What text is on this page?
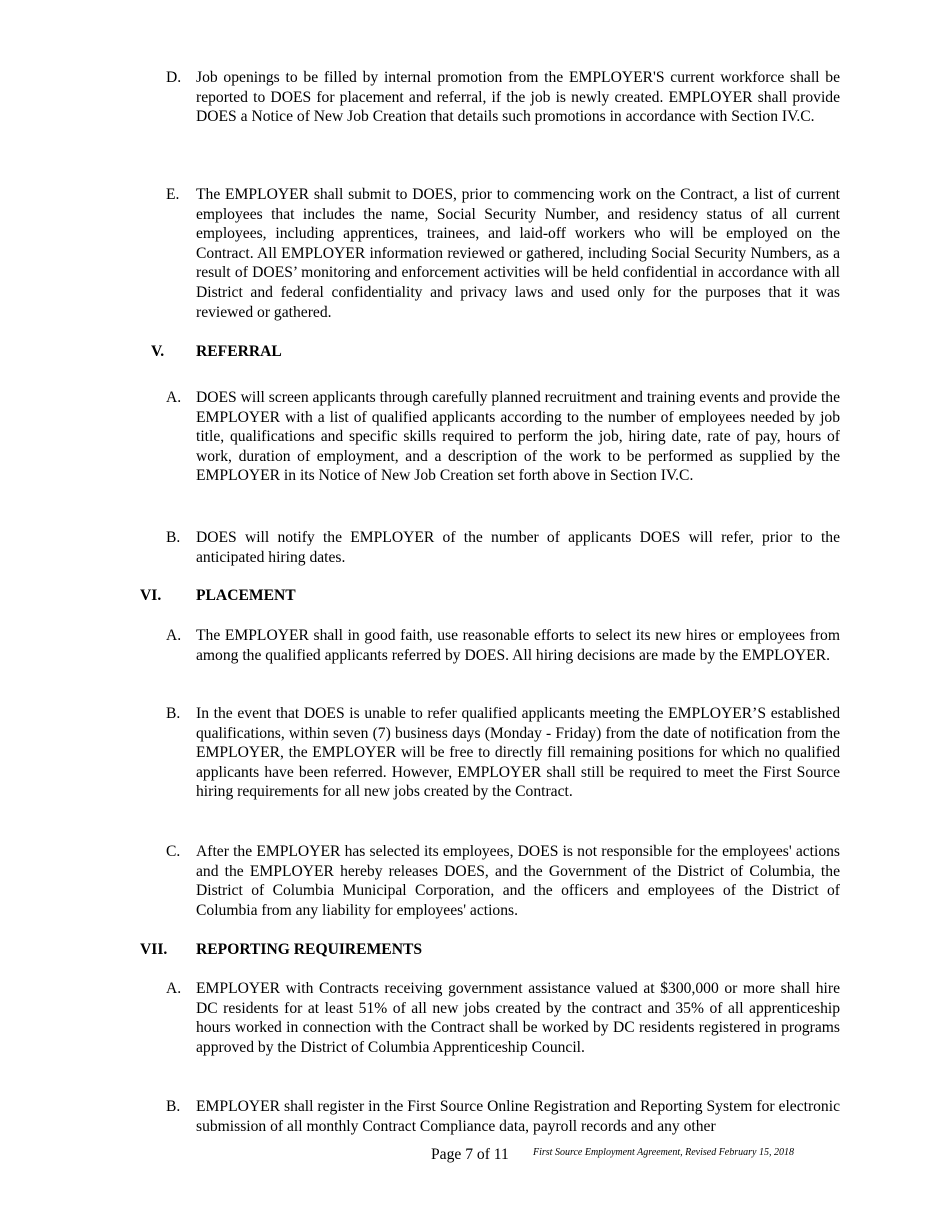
D. Job openings to be filled by internal promotion from the EMPLOYER'S current workforce shall be reported to DOES for placement and referral, if the job is newly created. EMPLOYER shall provide DOES a Notice of New Job Creation that details such promotions in accordance with Section IV.C.
E. The EMPLOYER shall submit to DOES, prior to commencing work on the Contract, a list of current employees that includes the name, Social Security Number, and residency status of all current employees, including apprentices, trainees, and laid-off workers who will be employed on the Contract. All EMPLOYER information reviewed or gathered, including Social Security Numbers, as a result of DOES’ monitoring and enforcement activities will be held confidential in accordance with all District and federal confidentiality and privacy laws and used only for the purposes that it was reviewed or gathered.
V. REFERRAL
A. DOES will screen applicants through carefully planned recruitment and training events and provide the EMPLOYER with a list of qualified applicants according to the number of employees needed by job title, qualifications and specific skills required to perform the job, hiring date, rate of pay, hours of work, duration of employment, and a description of the work to be performed as supplied by the EMPLOYER in its Notice of New Job Creation set forth above in Section IV.C.
B. DOES will notify the EMPLOYER of the number of applicants DOES will refer, prior to the anticipated hiring dates.
VI. PLACEMENT
A. The EMPLOYER shall in good faith, use reasonable efforts to select its new hires or employees from among the qualified applicants referred by DOES. All hiring decisions are made by the EMPLOYER.
B. In the event that DOES is unable to refer qualified applicants meeting the EMPLOYER’S established qualifications, within seven (7) business days (Monday - Friday) from the date of notification from the EMPLOYER, the EMPLOYER will be free to directly fill remaining positions for which no qualified applicants have been referred. However, EMPLOYER shall still be required to meet the First Source hiring requirements for all new jobs created by the Contract.
C. After the EMPLOYER has selected its employees, DOES is not responsible for the employees' actions and the EMPLOYER hereby releases DOES, and the Government of the District of Columbia, the District of Columbia Municipal Corporation, and the officers and employees of the District of Columbia from any liability for employees' actions.
VII. REPORTING REQUIREMENTS
A. EMPLOYER with Contracts receiving government assistance valued at $300,000 or more shall hire DC residents for at least 51% of all new jobs created by the contract and 35% of all apprenticeship hours worked in connection with the Contract shall be worked by DC residents registered in programs approved by the District of Columbia Apprenticeship Council.
B. EMPLOYER shall register in the First Source Online Registration and Reporting System for electronic submission of all monthly Contract Compliance data, payroll records and any other
Page 7 of 11 First Source Employment Agreement, Revised February 15, 2018
